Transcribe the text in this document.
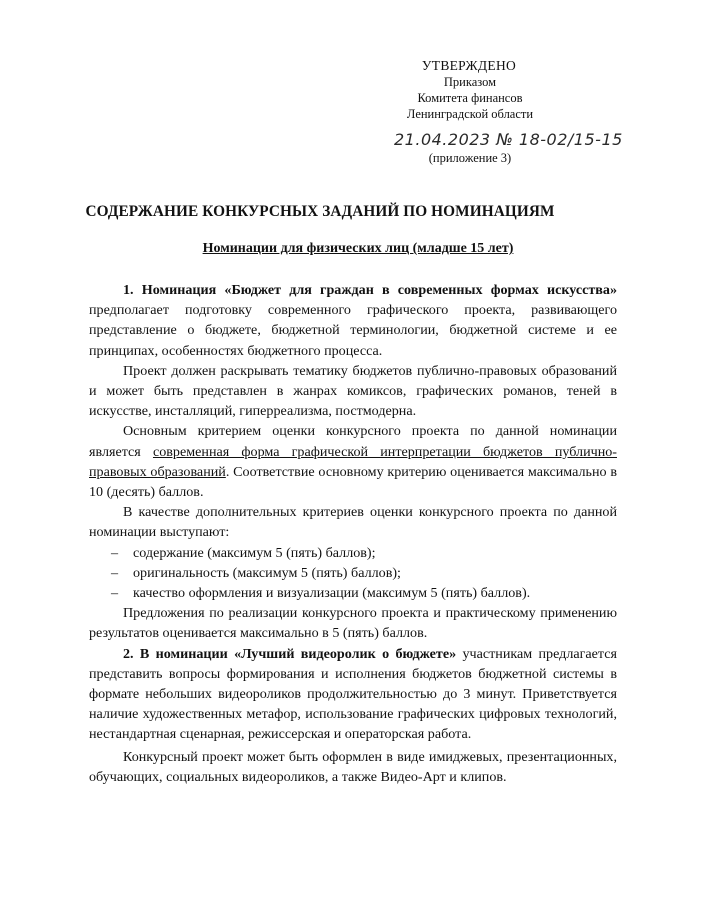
УТВЕРЖДЕНО
Приказом
Комитета финансов
Ленинградской области
21.04.2023 № 18-02/15-15
(приложение 3)
СОДЕРЖАНИЕ КОНКУРСНЫХ ЗАДАНИЙ ПО НОМИНАЦИЯМ
Номинации для физических лиц (младше 15 лет)

1. Номинация «Бюджет для граждан в современных формах искусства» предполагает подготовку современного графического проекта, развивающего представление о бюджете, бюджетной терминологии, бюджетной системе и ее принципах, особенностях бюджетного процесса.

Проект должен раскрывать тематику бюджетов публично-правовых образований и может быть представлен в жанрах комиксов, графических романов, теней в искусстве, инсталляций, гиперреализма, постмодерна.

Основным критерием оценки конкурсного проекта по данной номинации является современная форма графической интерпретации бюджетов публично-правовых образований. Соответствие основному критерию оценивается максимально в 10 (десять) баллов.

В качестве дополнительных критериев оценки конкурсного проекта по данной номинации выступают:

– содержание (максимум 5 (пять) баллов);
– оригинальность (максимум 5 (пять) баллов);
– качество оформления и визуализации (максимум 5 (пять) баллов).

Предложения по реализации конкурсного проекта и практическому применению результатов оценивается максимально в 5 (пять) баллов.

2. В номинации «Лучший видеоролик о бюджете» участникам предлагается представить вопросы формирования и исполнения бюджетов бюджетной системы в формате небольших видеороликов продолжительностью до 3 минут. Приветствуется наличие художественных метафор, использование графических цифровых технологий, нестандартная сценарная, режиссерская и операторская работа.

Конкурсный проект может быть оформлен в виде имиджевых, презентационных, обучающих, социальных видеороликов, а также Видео-Арт и клипов.
